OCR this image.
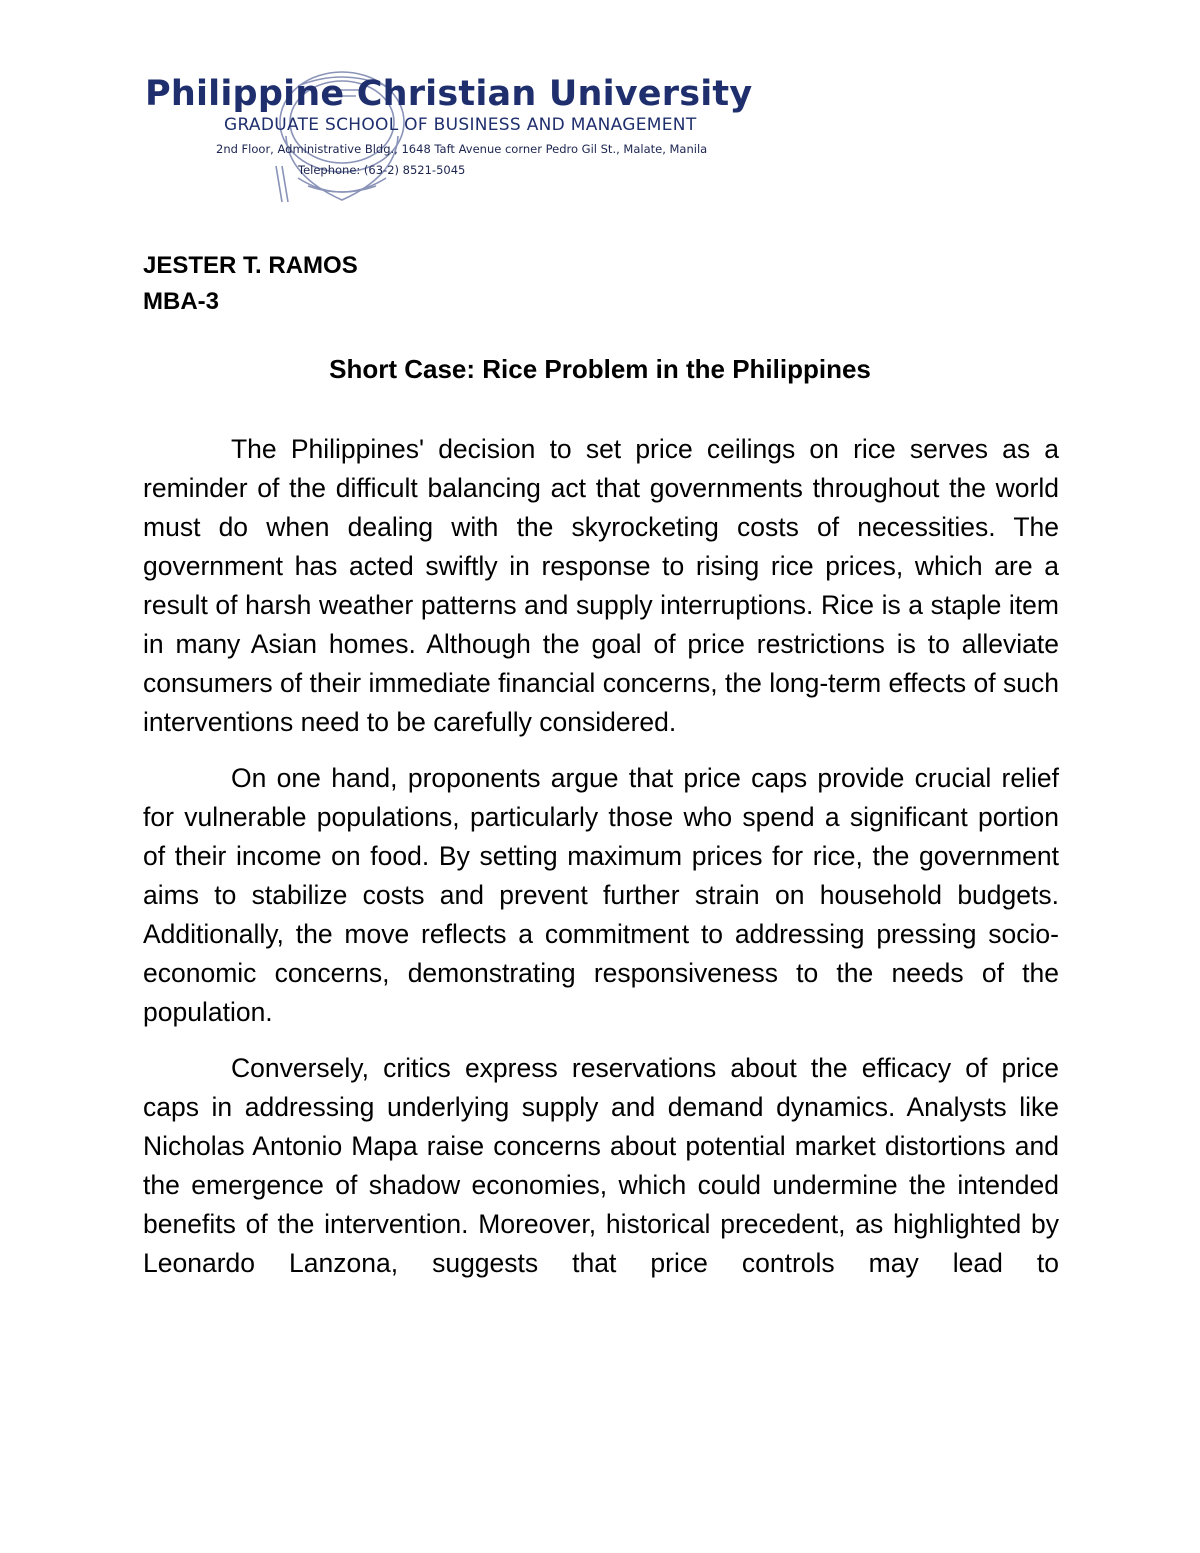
Philippine Christian University
GRADUATE SCHOOL OF BUSINESS AND MANAGEMENT
2nd Floor, Administrative Bldg., 1648 Taft Avenue corner Pedro Gil St., Malate, Manila
Telephone: (63-2) 8521-5045
JESTER T. RAMOS
MBA-3
Short Case: Rice Problem in the Philippines

The Philippines' decision to set price ceilings on rice serves as a reminder of the difficult balancing act that governments throughout the world must do when dealing with the skyrocketing costs of necessities. The government has acted swiftly in response to rising rice prices, which are a result of harsh weather patterns and supply interruptions. Rice is a staple item in many Asian homes. Although the goal of price restrictions is to alleviate consumers of their immediate financial concerns, the long-term effects of such interventions need to be carefully considered.

On one hand, proponents argue that price caps provide crucial relief for vulnerable populations, particularly those who spend a significant portion of their income on food. By setting maximum prices for rice, the government aims to stabilize costs and prevent further strain on household budgets. Additionally, the move reflects a commitment to addressing pressing socio-economic concerns, demonstrating responsiveness to the needs of the population.

Conversely, critics express reservations about the efficacy of price caps in addressing underlying supply and demand dynamics. Analysts like Nicholas Antonio Mapa raise concerns about potential market distortions and the emergence of shadow economies, which could undermine the intended benefits of the intervention. Moreover, historical precedent, as highlighted by Leonardo Lanzona, suggests that price controls may lead to
